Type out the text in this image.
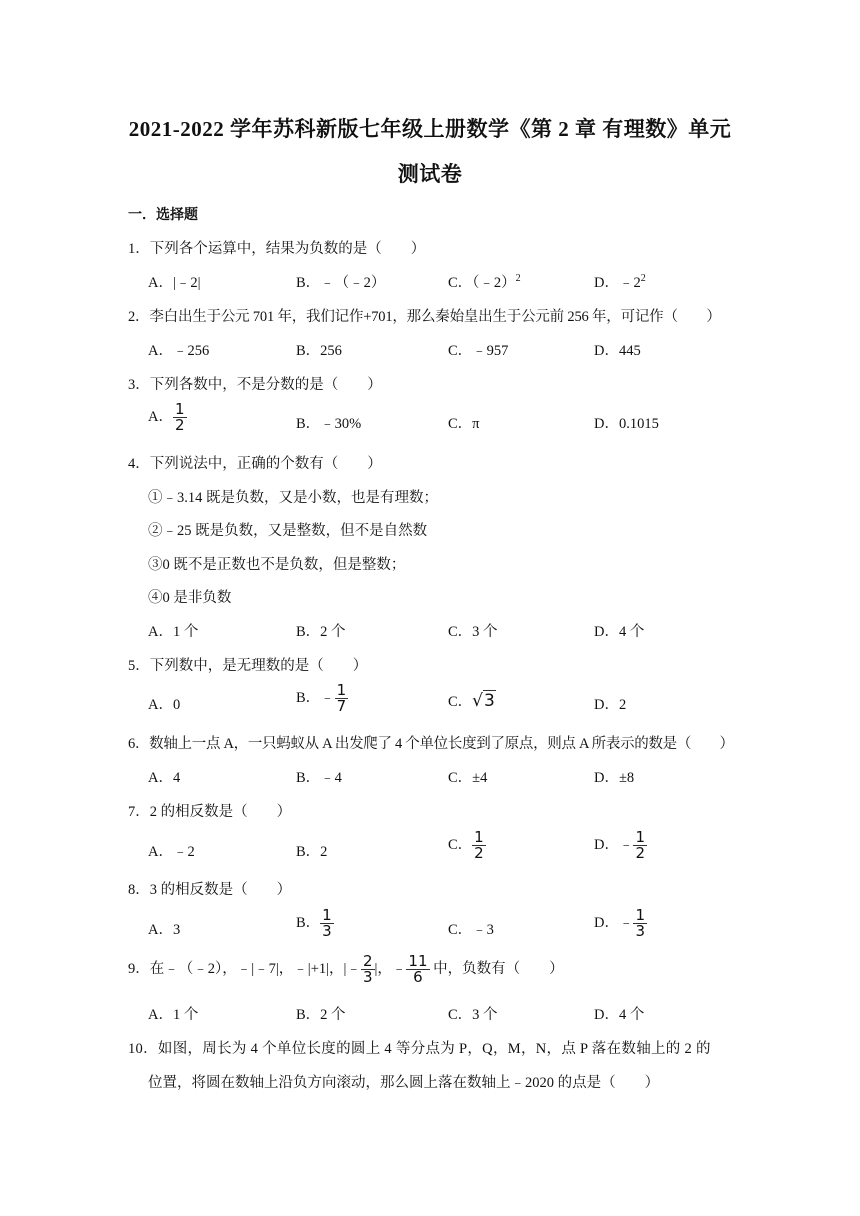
2021-2022 学年苏科新版七年级上册数学《第 2 章 有理数》单元
测试卷
一．选择题
1．下列各个运算中，结果为负数的是（　　）
A．|﹣2|	B．﹣（﹣2）	C．（﹣2）$^2$	D．$﹣2^2$
2．李白出生于公元 701 年，我们记作+701，那么秦始皇出生于公元前 256 年，可记作（　　）
A．﹣256	B．256	C．﹣957	D．445
3．下列各数中，不是分数的是（　　）
A． $\frac{1}{2}$	B．﹣30%	C．π	D．0.1015
4．下列说法中，正确的个数有（　　）
①﹣3.14 既是负数，又是小数，也是有理数；
②﹣25 既是负数，又是整数，但不是自然数
③0 既不是正数也不是负数，但是整数；
④0 是非负数
A．1 个	B．2 个	C．3 个	D．4 个
5．下列数中，是无理数的是（　　）
A．0	B．﹣ $\frac{1}{7}$	C．√3	D．2
6．数轴上一点 A，一只蚂蚁从 A 出发爬了 4 个单位长度到了原点，则点 A 所表示的数是（　　）
A．4	B．﹣4	C．±4	D．±8
7．2 的相反数是（　　）
A．﹣2	B．2	C． $\frac{1}{2}$	D．﹣ $\frac{1}{2}$
8．3 的相反数是（　　）
A．3	B． $\frac{1}{3}$	C．﹣3	D．﹣ $\frac{1}{3}$
9．在﹣（﹣2），﹣|﹣7|，﹣|+1|，|﹣ $\frac{2}{3}$ |，﹣ $\frac{11}{6}$ 中，负数有（　　）
A．1 个	B．2 个	C．3 个	D．4 个
10．如图，周长为 4 个单位长度的圆上 4 等分点为 P，Q，M，N，点 P 落在数轴上的 2 的
位置，将圆在数轴上沿负方向滚动，那么圆上落在数轴上﹣2020 的点是（　　）
